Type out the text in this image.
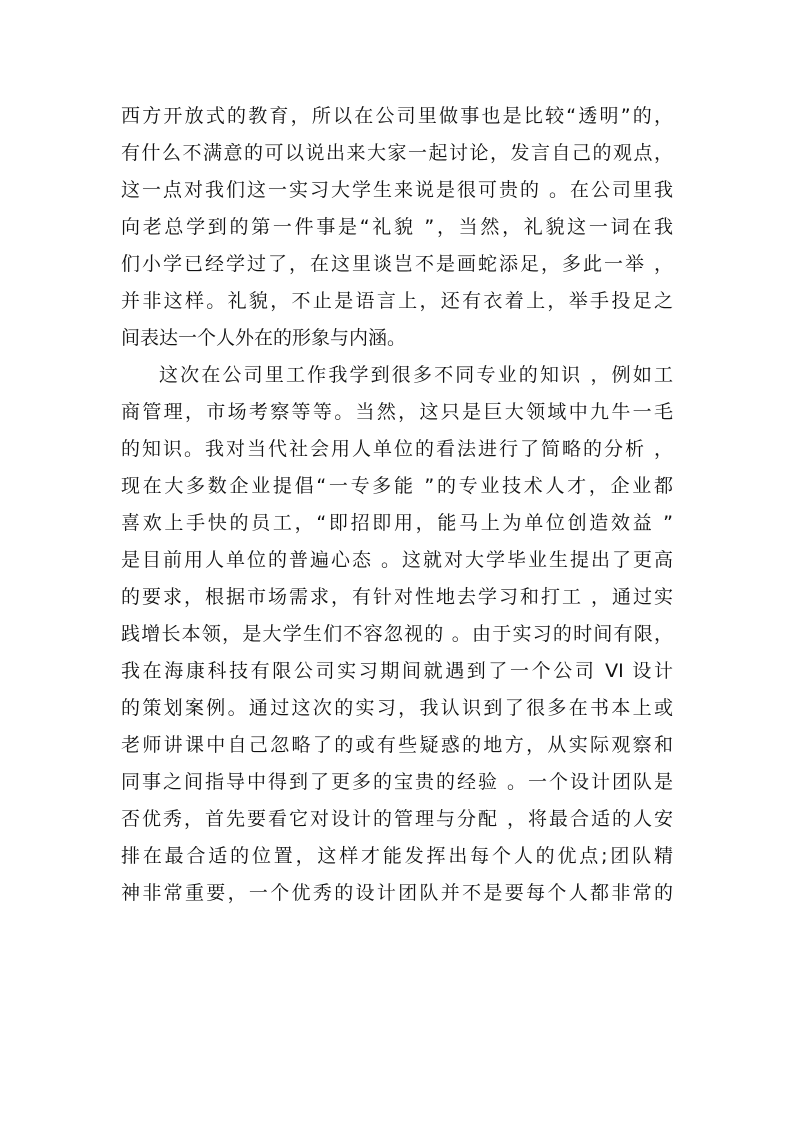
西方开放式的教育，所以在公司里做事也是比较“透明”的，
有什么不满意的可以说出来大家一起讨论，发言自己的观点，
这一点对我们这一实习大学生来说是很可贵的 。在公司里我
向老总学到的第一件事是“礼貌 ”，当然，礼貌这一词在我
们小学已经学过了，在这里谈岂不是画蛇添足，多此一举 ，
并非这样。礼貌，不止是语言上，还有衣着上，举手投足之
间表达一个人外在的形象与内涵。
这次在公司里工作我学到很多不同专业的知识 ，例如工
商管理，市场考察等等。当然，这只是巨大领域中九牛一毛
的知识。我对当代社会用人单位的看法进行了简略的分析 ，
现在大多数企业提倡“一专多能 ”的专业技术人才，企业都
喜欢上手快的员工，“即招即用，能马上为单位创造效益 ”
是目前用人单位的普遍心态 。这就对大学毕业生提出了更高
的要求，根据市场需求，有针对性地去学习和打工 ，通过实
践增长本领，是大学生们不容忽视的 。由于实习的时间有限，
我在海康科技有限公司实习期间就遇到了一个公司 VI 设计
的策划案例。通过这次的实习，我认识到了很多在书本上或
老师讲课中自己忽略了的或有些疑惑的地方，从实际观察和
同事之间指导中得到了更多的宝贵的经验 。一个设计团队是
否优秀，首先要看它对设计的管理与分配 ，将最合适的人安
排在最合适的位置，这样才能发挥出每个人的优点;团队精
神非常重要，一个优秀的设计团队并不是要每个人都非常的
